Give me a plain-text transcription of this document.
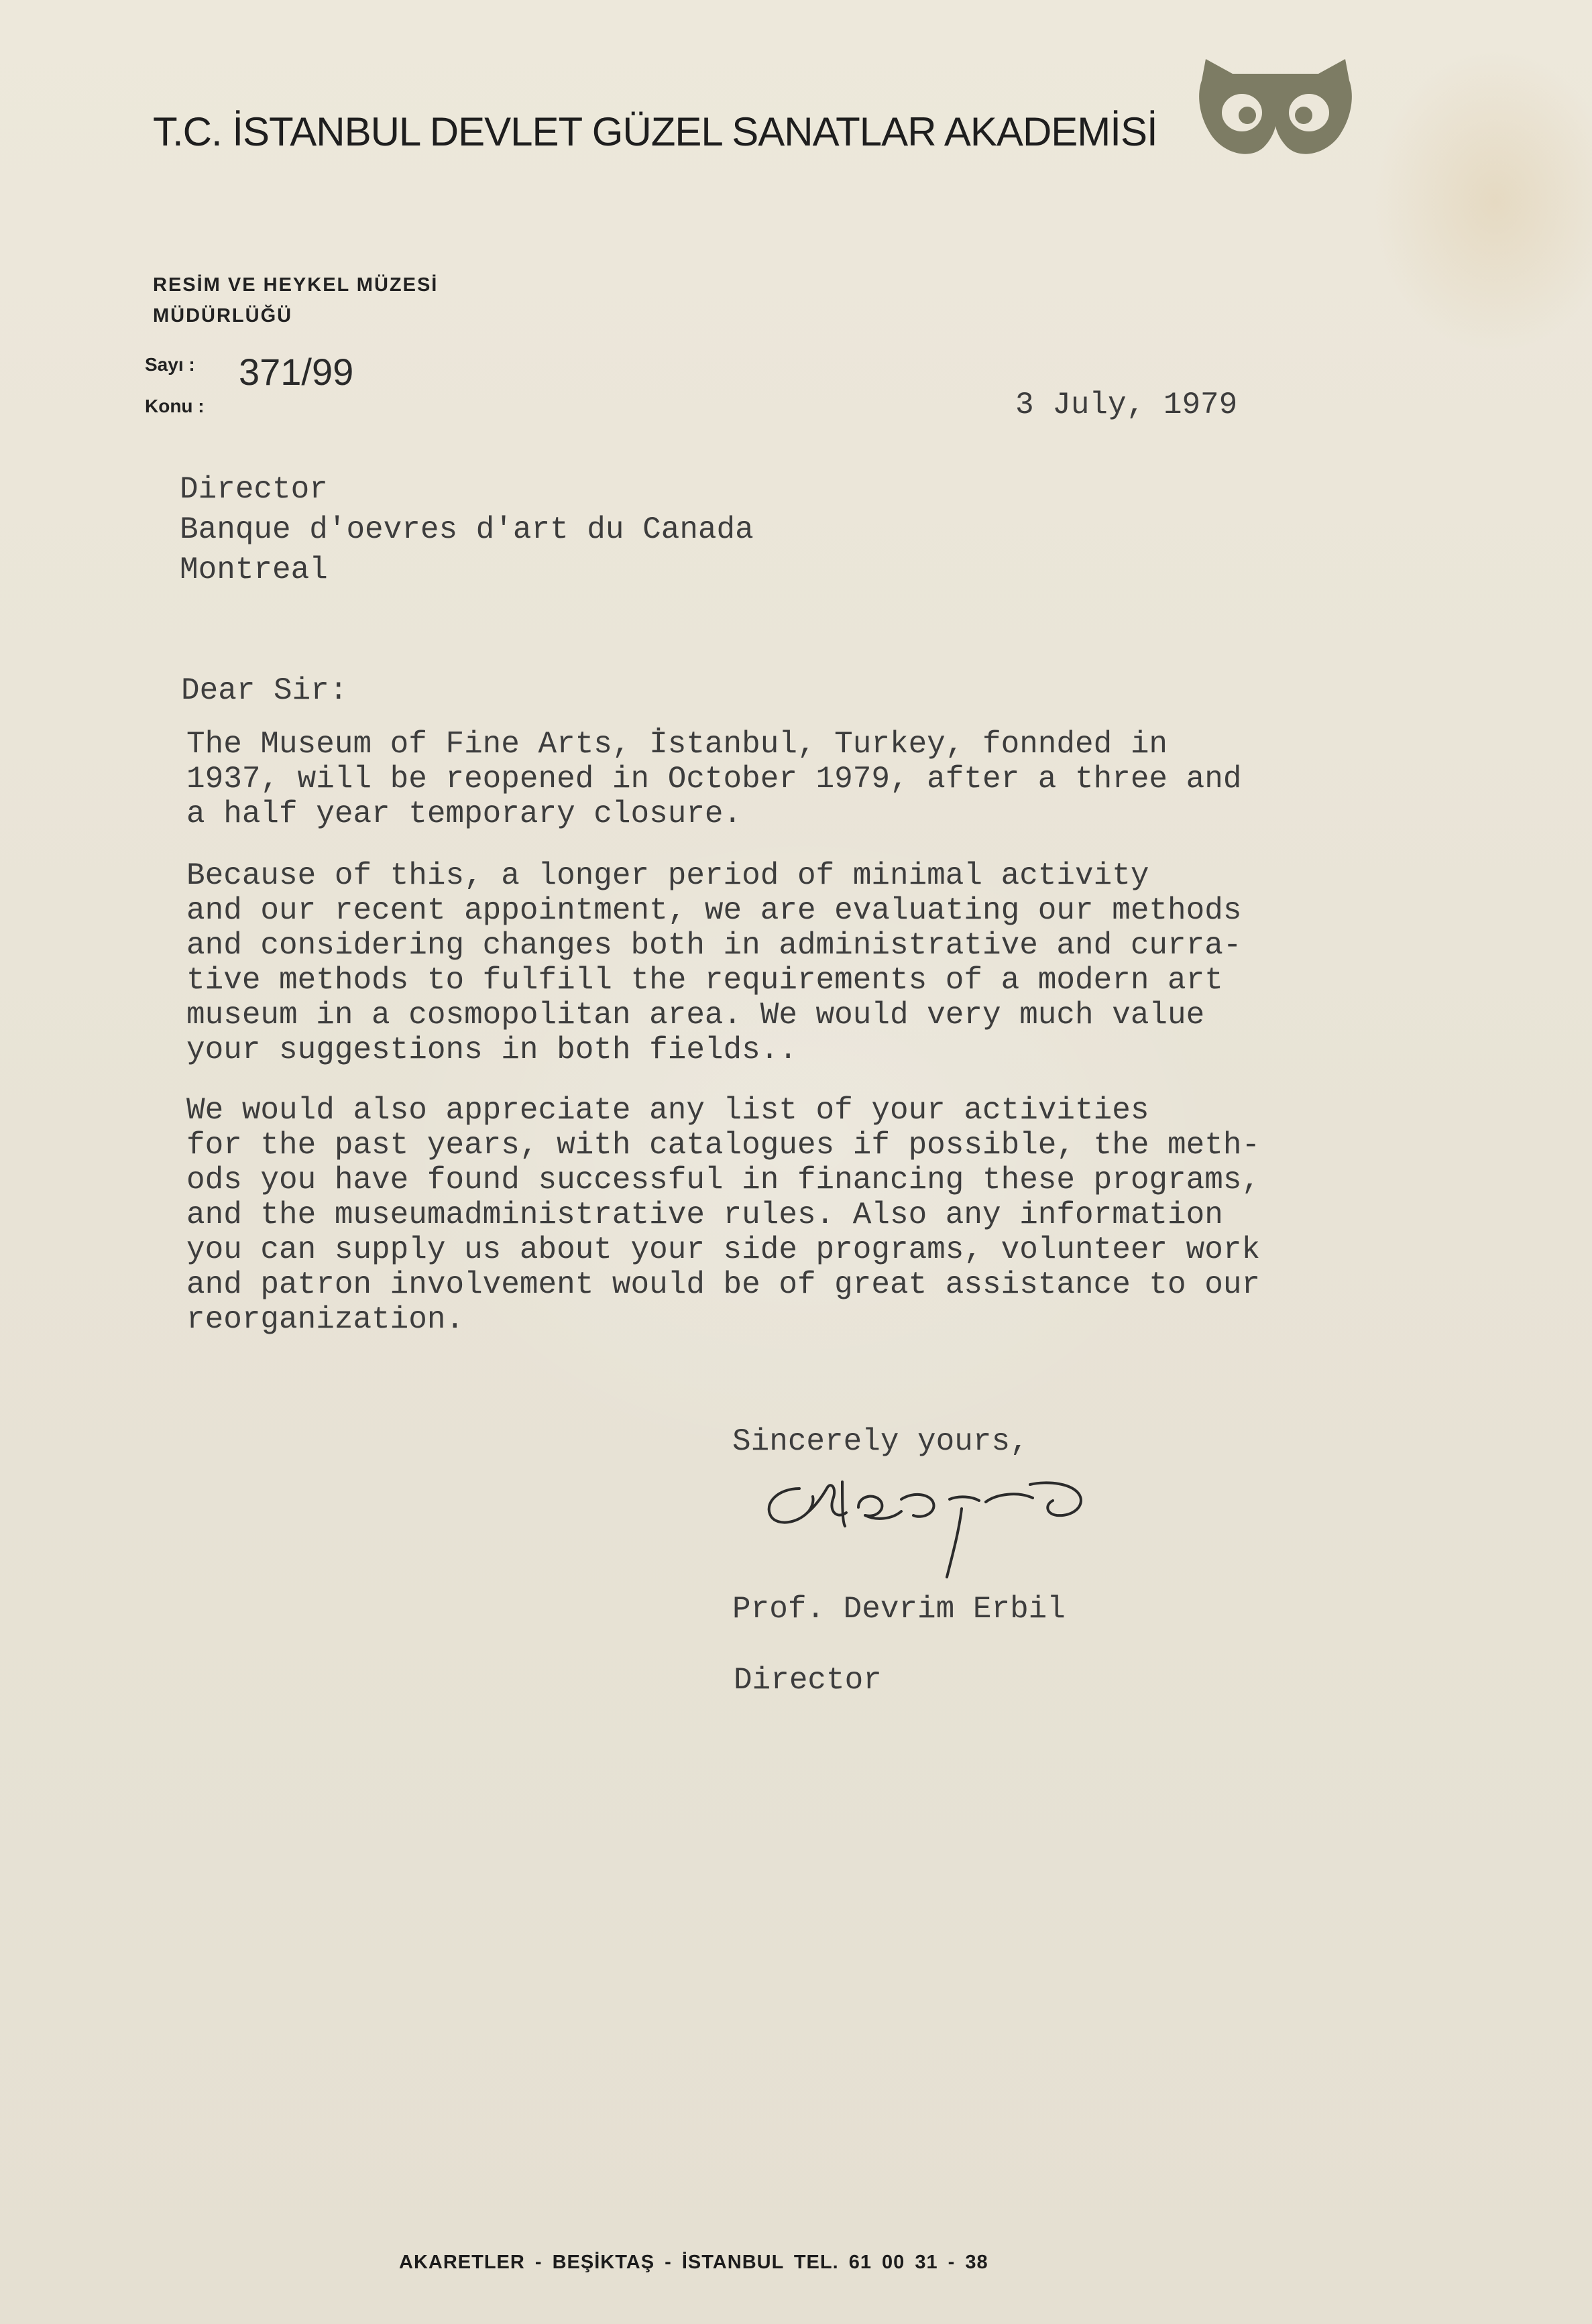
T.C. İSTANBUL DEVLET GÜZEL SANATLAR AKADEMİSİ
RESİM VE HEYKEL MÜZESİ
MÜDÜRLÜĞÜ
Sayı : 371/99
Konu :	3 July, 1979
Director
Banque d'oevres d'art du Canada
Montreal
Dear Sir:
The Museum of Fine Arts, İstanbul, Turkey, fonnded in
1937, will be reopened in October 1979, after a three and
a half year temporary closure.
Because of this, a longer period of minimal activity
and our recent appointment, we are evaluating our methods
and considering changes both in administrative and curra-
tive methods to fulfill the requirements of a modern art
museum in a cosmopolitan area. We would very much value
your suggestions in both fields..
We would also appreciate any list of your activities
for the past years, with catalogues if possible, the meth-
ods you have found successful in financing these programs,
and the museumadministrative rules. Also any information
you can supply us about your side programs, volunteer work
and patron involvement would be of great assistance to our
reorganization.
Sincerely yours,
Prof. Devrim Erbil
Director
AKARETLER - BEŞİKTAŞ - İSTANBUL TEL. 61 00 31 - 38
